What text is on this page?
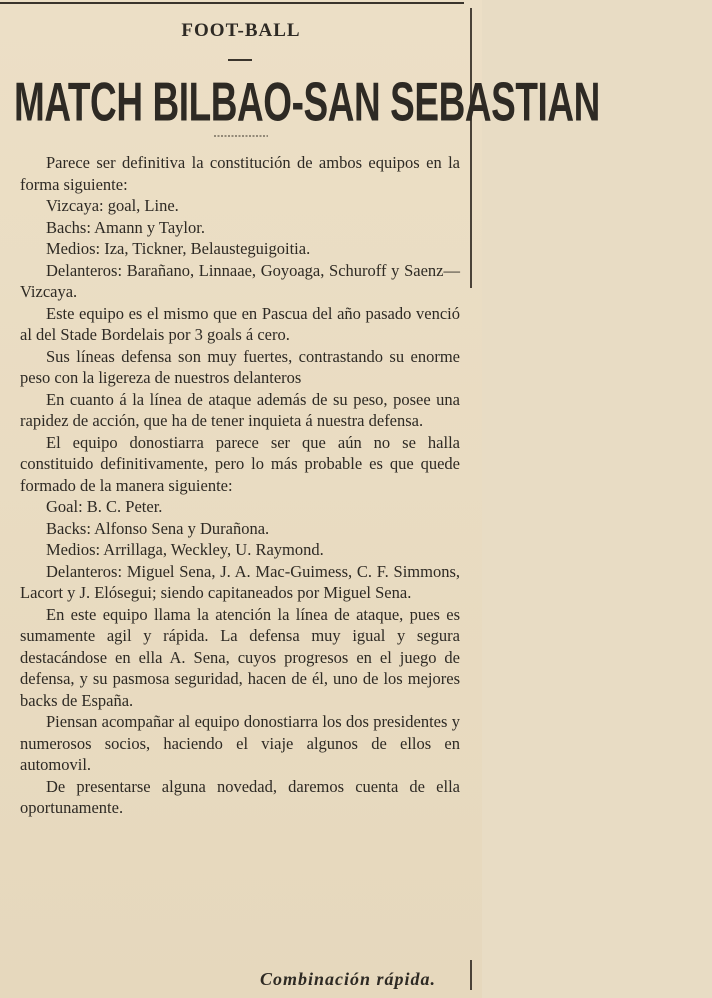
FOOT-BALL
MATCH BILBAO-SAN SEBASTIAN

Parece ser definitiva la constitución de ambos equipos en la forma siguiente:

Vizcaya: goal, Line.

Bachs: Amann y Taylor.

Medios: Iza, Tickner, Belausteguigoitia.

Delanteros: Barañano, Linnaae, Goyoaga, Schuroff y Saenz—Vizcaya.

Este equipo es el mismo que en Pascua del año pasado venció al del Stade Bordelais por 3 goals á cero.

Sus líneas defensa son muy fuertes, contrastando su enorme peso con la ligereza de nuestros delanteros

En cuanto á la línea de ataque además de su peso, posee una rapidez de acción, que ha de tener inquieta á nuestra defensa.

El equipo donostiarra parece ser que aún no se halla constituido definitivamente, pero lo más probable es que quede formado de la manera siguiente:

Goal: B. C. Peter.

Backs: Alfonso Sena y Durañona.

Medios: Arrillaga, Weckley, U. Raymond.

Delanteros: Miguel Sena, J. A. Mac-Guimess, C. F. Simmons, Lacort y J. Elósegui; siendo capitaneados por Miguel Sena.

En este equipo llama la atención la línea de ataque, pues es sumamente agil y rápida. La defensa muy igual y segura destacándose en ella A. Sena, cuyos progresos en el juego de defensa, y su pasmosa seguridad, hacen de él, uno de los mejores backs de España.

Piensan acompañar al equipo donostiarra los dos presidentes y numerosos socios, haciendo el viaje algunos de ellos en automovil.

De presentarse alguna novedad, daremos cuenta de ella oportunamente.

Combinación rápida.
